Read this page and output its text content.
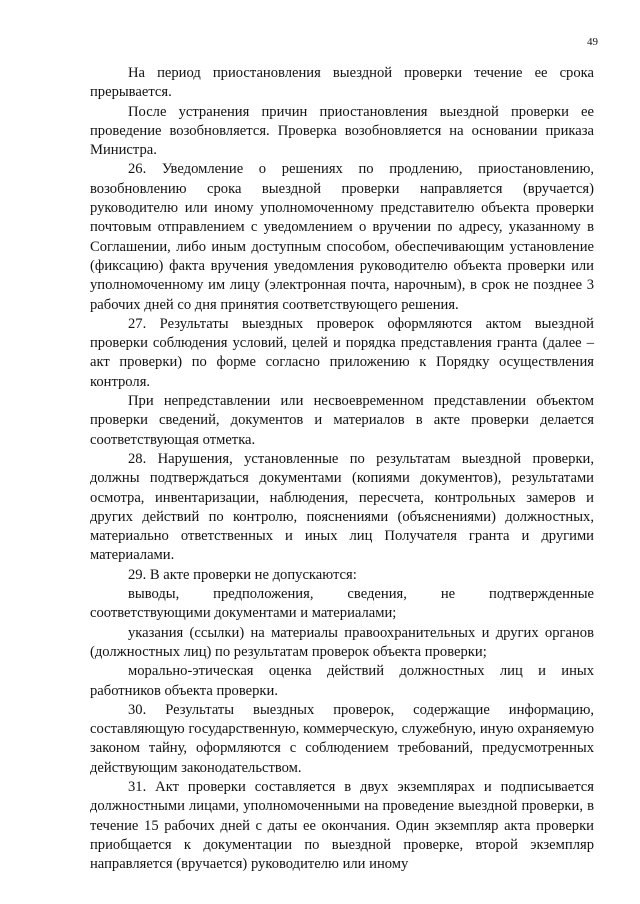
49

На период приостановления выездной проверки течение ее срока прерывается.

После устранения причин приостановления выездной проверки ее проведение возобновляется. Проверка возобновляется на основании приказа Министра.

26. Уведомление о решениях по продлению, приостановлению, возобновлению срока выездной проверки направляется (вручается) руководителю или иному уполномоченному представителю объекта проверки почтовым отправлением с уведомлением о вручении по адресу, указанному в Соглашении, либо иным доступным способом, обеспечивающим установление (фиксацию) факта вручения уведомления руководителю объекта проверки или уполномоченному им лицу (электронная почта, нарочным), в срок не позднее 3 рабочих дней со дня принятия соответствующего решения.

27. Результаты выездных проверок оформляются актом выездной проверки соблюдения условий, целей и порядка представления гранта (далее – акт проверки) по форме согласно приложению к Порядку осуществления контроля.

При непредставлении или несвоевременном представлении объектом проверки сведений, документов и материалов в акте проверки делается соответствующая отметка.

28. Нарушения, установленные по результатам выездной проверки, должны подтверждаться документами (копиями документов), результатами осмотра, инвентаризации, наблюдения, пересчета, контрольных замеров и других действий по контролю, пояснениями (объяснениями) должностных, материально ответственных и иных лиц Получателя гранта и другими материалами.

29. В акте проверки не допускаются:

выводы, предположения, сведения, не подтвержденные соответствующими документами и материалами;

указания (ссылки) на материалы правоохранительных и других органов (должностных лиц) по результатам проверок объекта проверки;

морально-этическая оценка действий должностных лиц и иных работников объекта проверки.

30. Результаты выездных проверок, содержащие информацию, составляющую государственную, коммерческую, служебную, иную охраняемую законом тайну, оформляются с соблюдением требований, предусмотренных действующим законодательством.

31. Акт проверки составляется в двух экземплярах и подписывается должностными лицами, уполномоченными на проведение выездной проверки, в течение 15 рабочих дней с даты ее окончания. Один экземпляр акта проверки приобщается к документации по выездной проверке, второй экземпляр направляется (вручается) руководителю или иному
